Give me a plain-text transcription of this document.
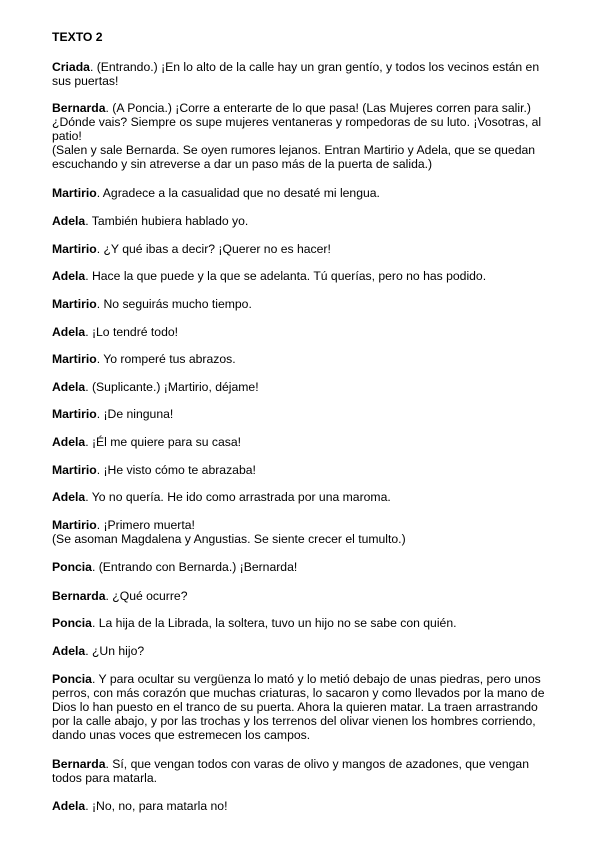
TEXTO 2
Criada. (Entrando.) ¡En lo alto de la calle hay un gran gentío, y todos los vecinos están en
sus puertas!
Bernarda. (A Poncia.) ¡Corre a enterarte de lo que pasa! (Las Mujeres corren para salir.)
¿Dónde vais? Siempre os supe mujeres ventaneras y rompedoras de su luto. ¡Vosotras, al
patio!
(Salen y sale Bernarda. Se oyen rumores lejanos. Entran Martirio y Adela, que se quedan
escuchando y sin atreverse a dar un paso más de la puerta de salida.)
Martirio. Agradece a la casualidad que no desaté mi lengua.
Adela. También hubiera hablado yo.
Martirio. ¿Y qué ibas a decir? ¡Querer no es hacer!
Adela. Hace la que puede y la que se adelanta. Tú querías, pero no has podido.
Martirio. No seguirás mucho tiempo.
Adela. ¡Lo tendré todo!
Martirio. Yo romperé tus abrazos.
Adela. (Suplicante.) ¡Martirio, déjame!
Martirio. ¡De ninguna!
Adela. ¡Él me quiere para su casa!
Martirio. ¡He visto cómo te abrazaba!
Adela. Yo no quería. He ido como arrastrada por una maroma.
Martirio. ¡Primero muerta!
(Se asoman Magdalena y Angustias. Se siente crecer el tumulto.)
Poncia. (Entrando con Bernarda.) ¡Bernarda!
Bernarda. ¿Qué ocurre?
Poncia. La hija de la Librada, la soltera, tuvo un hijo no se sabe con quién.
Adela. ¿Un hijo?
Poncia. Y para ocultar su vergüenza lo mató y lo metió debajo de unas piedras, pero unos
perros, con más corazón que muchas criaturas, lo sacaron y como llevados por la mano de
Dios lo han puesto en el tranco de su puerta. Ahora la quieren matar. La traen arrastrando
por la calle abajo, y por las trochas y los terrenos del olivar vienen los hombres corriendo,
dando unas voces que estremecen los campos.
Bernarda. Sí, que vengan todos con varas de olivo y mangos de azadones, que vengan
todos para matarla.
Adela. ¡No, no, para matarla no!
